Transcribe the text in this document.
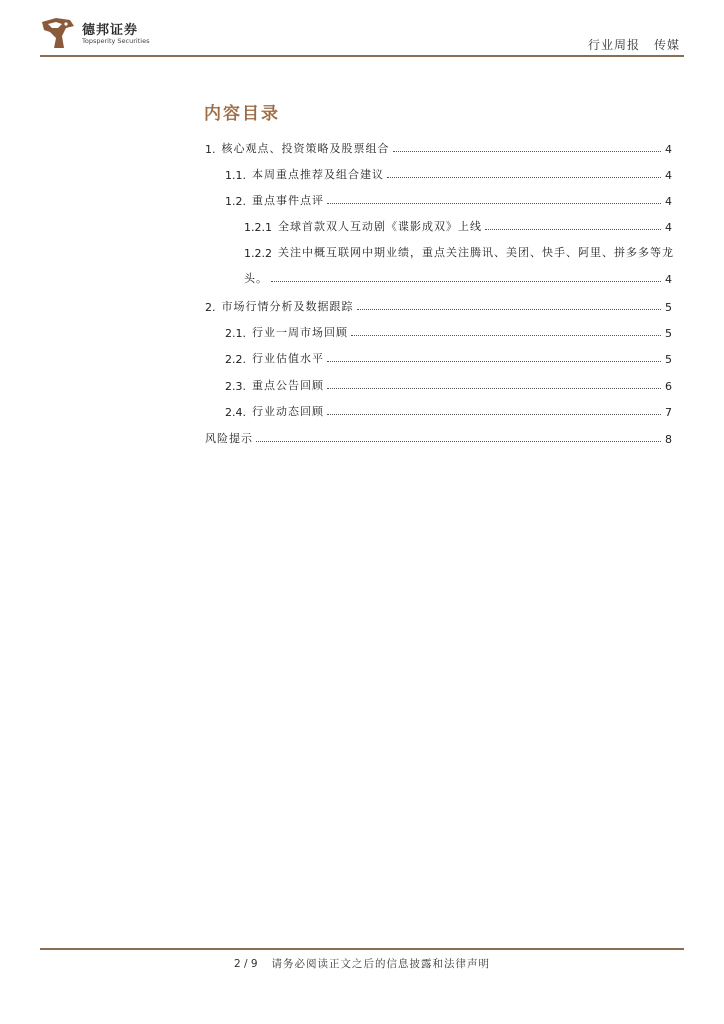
德邦证券
Topsperity Securities	行业周报 传媒
内容目录
1. 核心观点、投资策略及股票组合	4
1.1. 本周重点推荐及组合建议	4
1.2. 重点事件点评	4
1.2.1 全球首款双人互动剧《谍影成双》上线	4
1.2.2 关注中概互联网中期业绩，重点关注腾讯、美团、快手、阿里、拼多多等龙
头。	4
2. 市场行情分析及数据跟踪	5
2.1. 行业一周市场回顾	5
2.2. 行业估值水平	5
2.3. 重点公告回顾	6
2.4. 行业动态回顾	7
风险提示	8
2 / 9 请务必阅读正文之后的信息披露和法律声明
